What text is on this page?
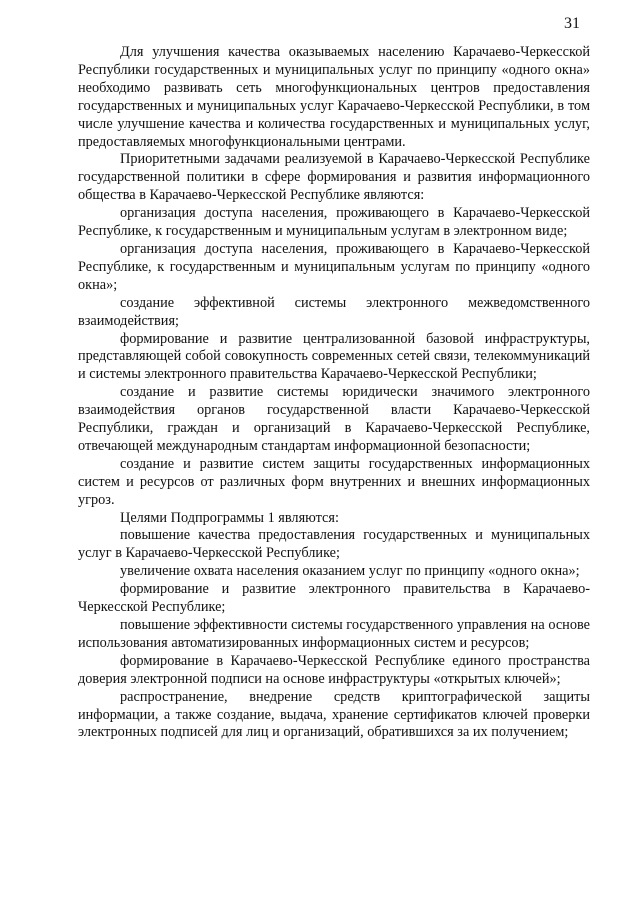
31

Для улучшения качества оказываемых населению Карачаево-Черкесской Республики государственных и муниципальных услуг по принципу «одного окна» необходимо развивать сеть многофункциональных центров предоставления государственных и муниципальных услуг Карачаево-Черкесской Республики, в том числе улучшение качества и количества государственных и муниципальных услуг, предоставляемых многофункциональными центрами.

Приоритетными задачами реализуемой в Карачаево-Черкесской Республике государственной политики в сфере формирования и развития информационного общества в Карачаево-Черкесской Республике являются:

организация доступа населения, проживающего в Карачаево-Черкесской Республике, к государственным и муниципальным услугам в электронном виде;

организация доступа населения, проживающего в Карачаево-Черкесской Республике, к государственным и муниципальным услугам по принципу «одного окна»;

создание эффективной системы электронного межведомственного взаимодействия;

формирование и развитие централизованной базовой инфраструктуры, представляющей собой совокупность современных сетей связи, телекоммуникаций и системы электронного правительства Карачаево-Черкесской Республики;

создание и развитие системы юридически значимого электронного взаимодействия органов государственной власти Карачаево-Черкесской Республики, граждан и организаций в Карачаево-Черкесской Республике, отвечающей международным стандартам информационной безопасности;

создание и развитие систем защиты государственных информационных систем и ресурсов от различных форм внутренних и внешних информационных угроз.

Целями Подпрограммы 1 являются:

повышение качества предоставления государственных и муниципальных услуг в Карачаево-Черкесской Республике;

увеличение охвата населения оказанием услуг по принципу «одного окна»;

формирование и развитие электронного правительства в Карачаево-Черкесской Республике;

повышение эффективности системы государственного управления на основе использования автоматизированных информационных систем и ресурсов;

формирование в Карачаево-Черкесской Республике единого пространства доверия электронной подписи на основе инфраструктуры «открытых ключей»;

распространение, внедрение средств криптографической защиты информации, а также создание, выдача, хранение сертификатов ключей проверки электронных подписей для лиц и организаций, обратившихся за их получением;
